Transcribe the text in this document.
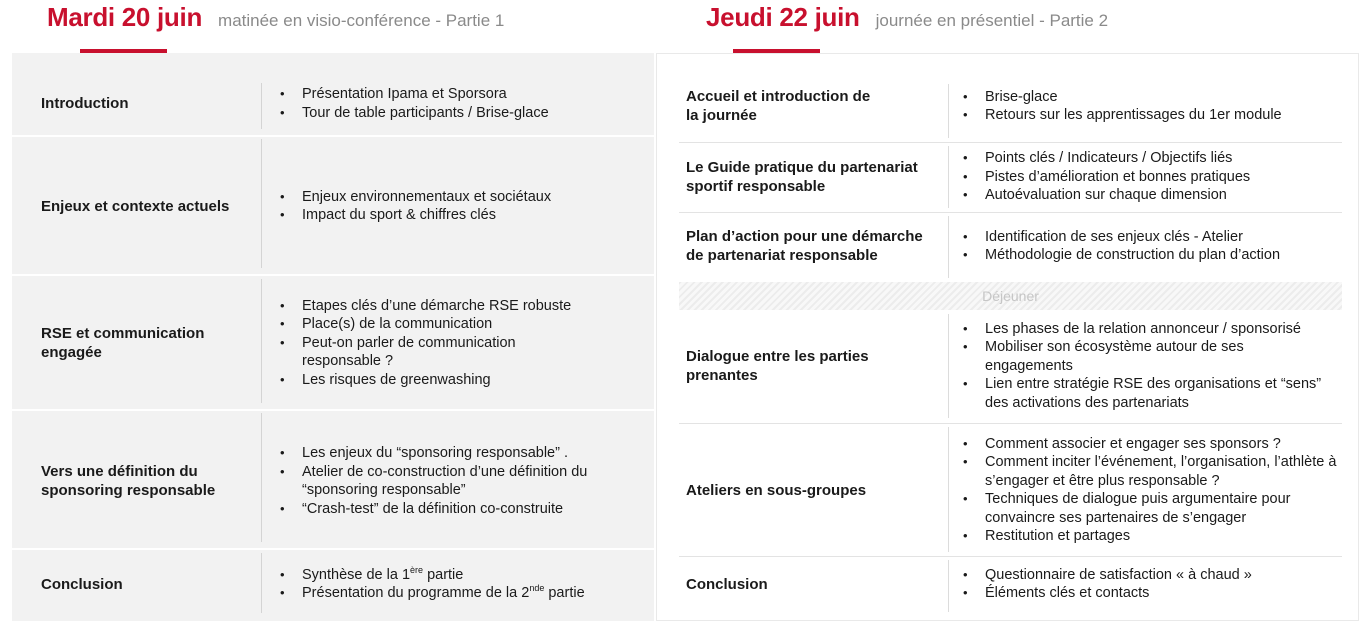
Mardi 20 juin matinée en visio-conférence - Partie 1	Jeudi 22 juin journée en présentiel - Partie 2
Introduction
• Présentation Ipama et Sporsora
• Tour de table participants / Brise-glace
Enjeux et contexte actuels
• Enjeux environnementaux et sociétaux
• Impact du sport & chiffres clés
RSE et communication engagée
• Etapes clés d’une démarche RSE robuste
• Place(s) de la communication
• Peut-on parler de communication responsable ?
• Les risques de greenwashing
Vers une définition du sponsoring responsable
• Les enjeux du “sponsoring responsable” .
• Atelier de co-construction d’une définition du “sponsoring responsable”
• “Crash-test” de la définition co-construite
Conclusion
• Synthèse de la 1ère partie
• Présentation du programme de la 2nde partie
Accueil et introduction de la journée
• Brise-glace
• Retours sur les apprentissages du 1er module
Le Guide pratique du partenariat sportif responsable
• Points clés / Indicateurs / Objectifs liés
• Pistes d’amélioration et bonnes pratiques
• Autoévaluation sur chaque dimension
Plan d’action pour une démarche de partenariat responsable
• Identification de ses enjeux clés - Atelier
• Méthodologie de construction du plan d’action
Déjeuner
Dialogue entre les parties prenantes
• Les phases de la relation annonceur / sponsorisé
• Mobiliser son écosystème autour de ses engagements
• Lien entre stratégie RSE des organisations et “sens” des activations des partenariats
Ateliers en sous-groupes
• Comment associer et engager ses sponsors ?
• Comment inciter l’événement, l’organisation, l’athlète à s’engager et être plus responsable ?
• Techniques de dialogue puis argumentaire pour convaincre ses partenaires de s’engager
• Restitution et partages
Conclusion
• Questionnaire de satisfaction « à chaud »
• Éléments clés et contacts
